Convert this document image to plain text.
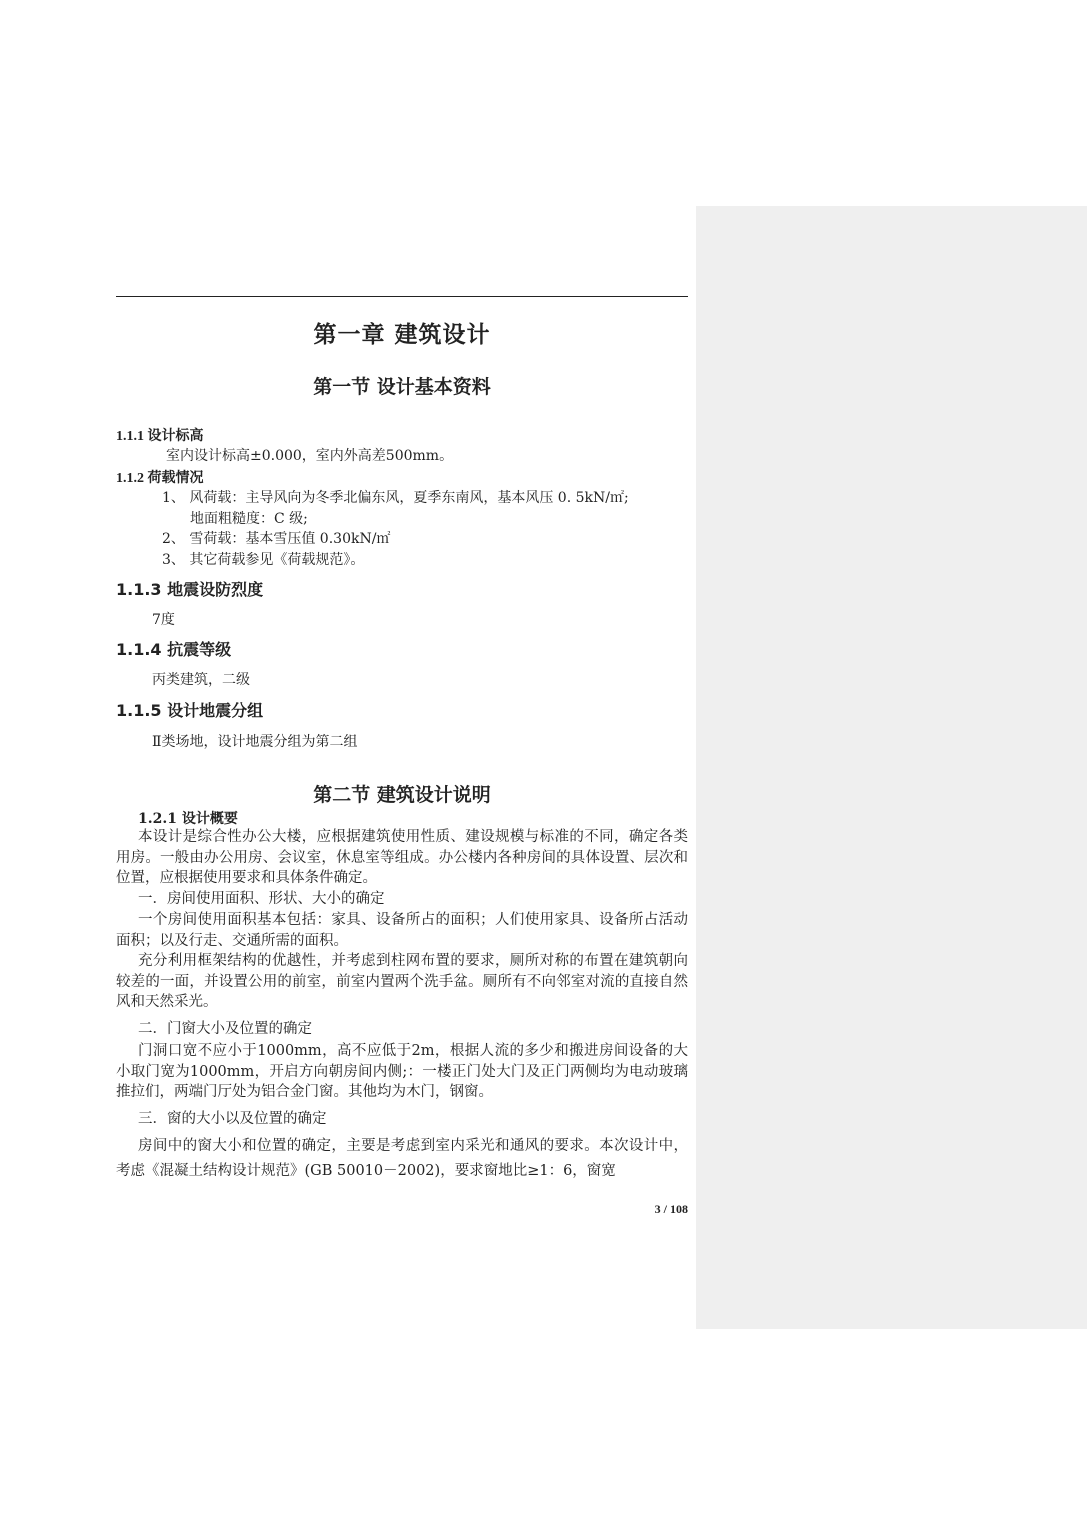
第一章 建筑设计
第一节 设计基本资料
1.1.1 设计标高
室内设计标高±0.000，室内外高差500mm。
1.1.2 荷载情况
1、 风荷载：主导风向为冬季北偏东风，夏季东南风，基本风压 0. 5kN/㎡;
地面粗糙度：C 级;
2、 雪荷载：基本雪压值 0.30kN/㎡
3、 其它荷载参见《荷载规范》。
1.1.3 地震设防烈度
7度
1.1.4 抗震等级
丙类建筑，二级
1.1.5 设计地震分组
Ⅱ类场地，设计地震分组为第二组
第二节 建筑设计说明
1.2.1 设计概要
本设计是综合性办公大楼，应根据建筑使用性质、建设规模与标准的不同，确定各类用房。一般由办公用房、会议室，休息室等组成。办公楼内各种房间的具体设置、层次和位置，应根据使用要求和具体条件确定。
一．房间使用面积、形状、大小的确定
一个房间使用面积基本包括：家具、设备所占的面积；人们使用家具、设备所占活动面积；以及行走、交通所需的面积。
充分利用框架结构的优越性，并考虑到柱网布置的要求，厕所对称的布置在建筑朝向较差的一面，并设置公用的前室，前室内置两个洗手盆。厕所有不向邻室对流的直接自然风和天然采光。
二．门窗大小及位置的确定
门洞口宽不应小于1000mm，高不应低于2m，根据人流的多少和搬进房间设备的大小取门宽为1000mm，开启方向朝房间内侧;：一楼正门处大门及正门两侧均为电动玻璃推拉们，两端门厅处为铝合金门窗。其他均为木门，钢窗。
三．窗的大小以及位置的确定
房间中的窗大小和位置的确定，主要是考虑到室内采光和通风的要求。本次设计中，考虑《混凝土结构设计规范》(GB 50010－2002)，要求窗地比≥1：6，窗宽
3 / 108
